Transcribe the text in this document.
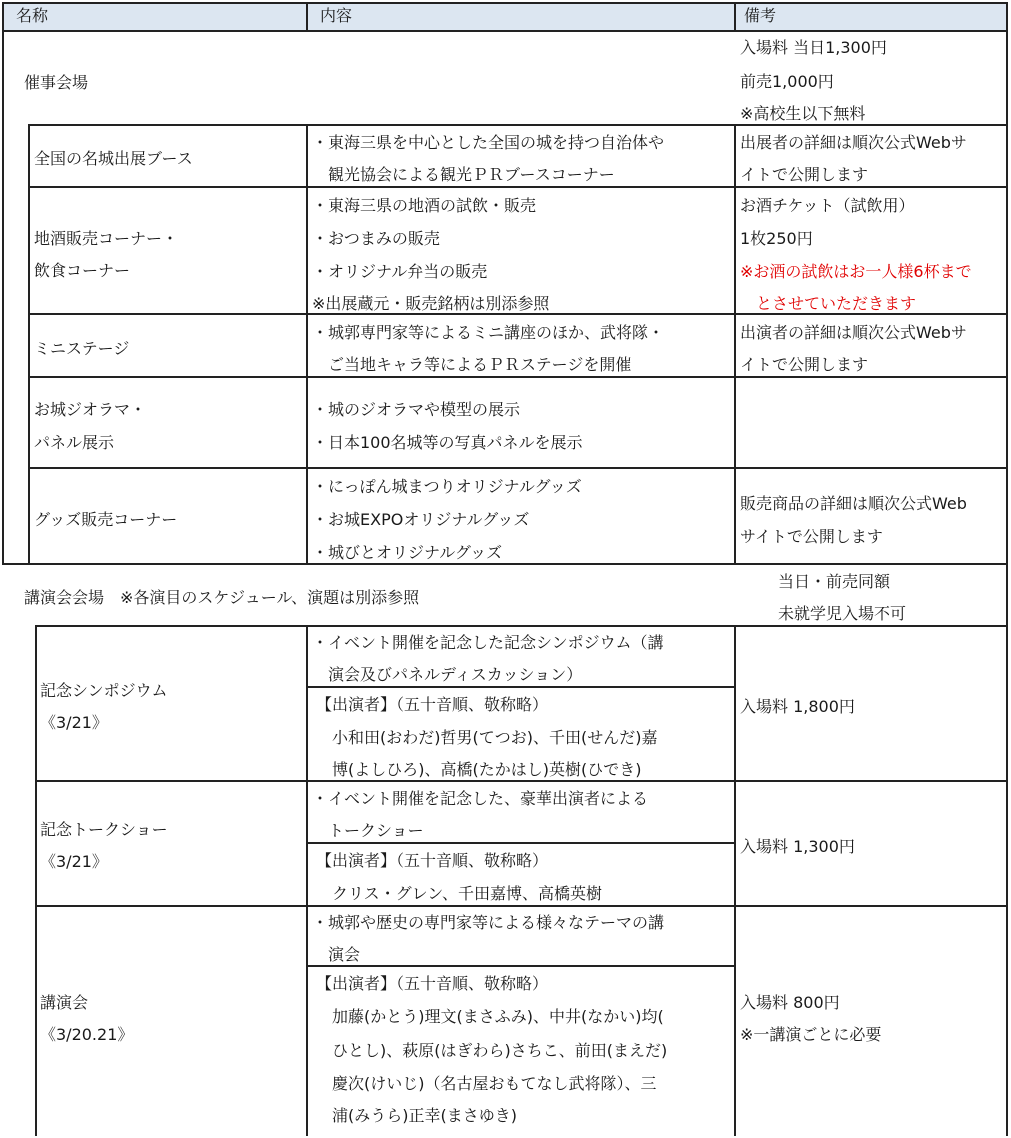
名称	内容	備考
催事会場
入場料 当日1,300円
前売1,000円
※高校生以下無料
全国の名城出展ブース
・東海三県を中心とした全国の城を持つ自治体や
　観光協会による観光ＰＲブースコーナー
出展者の詳細は順次公式Webサ
イトで公開します
地酒販売コーナー・
飲食コーナー
・東海三県の地酒の試飲・販売
・おつまみの販売
・オリジナル弁当の販売
※出展蔵元・販売銘柄は別添参照
お酒チケット（試飲用）
1枚250円
※お酒の試飲はお一人様6杯まで
　とさせていただきます
ミニステージ
・城郭専門家等によるミニ講座のほか、武将隊・
　ご当地キャラ等によるＰＲステージを開催
出演者の詳細は順次公式Webサ
イトで公開します
お城ジオラマ・
パネル展示
・城のジオラマや模型の展示
・日本100名城等の写真パネルを展示
グッズ販売コーナー
・にっぽん城まつりオリジナルグッズ
・お城EXPOオリジナルグッズ
・城びとオリジナルグッズ
販売商品の詳細は順次公式Web
サイトで公開します
講演会会場　※各演目のスケジュール、演題は別添参照
当日・前売同額
未就学児入場不可
記念シンポジウム
《3/21》
・イベント開催を記念した記念シンポジウム（講
　演会及びパネルディスカッション）
【出演者】（五十音順、敬称略）
　小和田(おわだ)哲男(てつお)、千田(せんだ)嘉
　博(よしひろ)、高橋(たかはし)英樹(ひでき)
入場料 1,800円
記念トークショー
《3/21》
・イベント開催を記念した、豪華出演者による
　トークショー
【出演者】（五十音順、敬称略）
　クリス・グレン、千田嘉博、高橋英樹
入場料 1,300円
講演会
《3/20.21》
・城郭や歴史の専門家等による様々なテーマの講
　演会
【出演者】（五十音順、敬称略）
　加藤(かとう)理文(まさふみ)、中井(なかい)均(
　ひとし)、萩原(はぎわら)さちこ、前田(まえだ)
　慶次(けいじ)（名古屋おもてなし武将隊）、三
　浦(みうら)正幸(まさゆき)
入場料 800円
※一講演ごとに必要
